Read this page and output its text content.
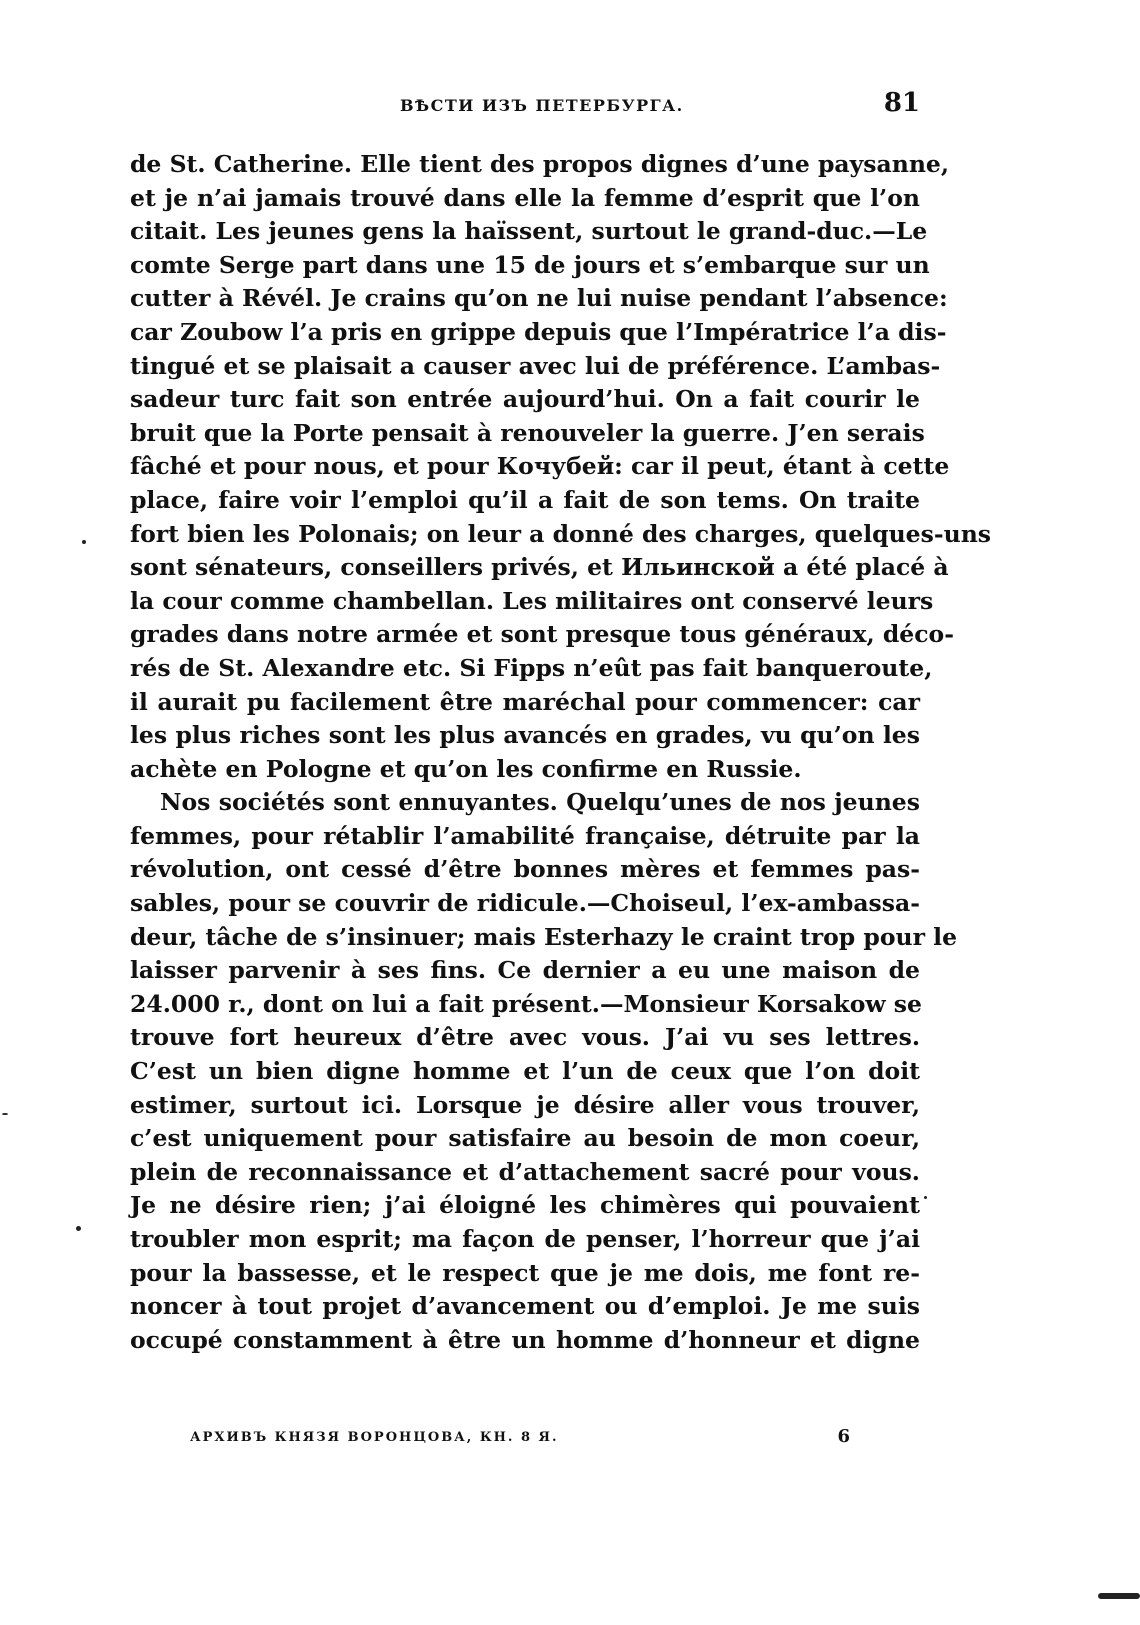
ВѢСТИ ИЗЪ ПЕТЕРБУРГА.	81
de St. Catherine. Elle tient des propos dignes d’une paysanne,
et je n’ai jamais trouvé dans elle la femme d’esprit que l’on
citait. Les jeunes gens la haïssent, surtout le grand-duc.—Le
comte Serge part dans une 15 de jours et s’embarque sur un
cutter à Révél. Je crains qu’on ne lui nuise pendant l’absence:
car Zoubow l’a pris en grippe depuis que l’Impératrice l’a dis-
tingué et se plaisait a causer avec lui de préférence. L’ambas-
sadeur turc fait son entrée aujourd’hui. On a fait courir le
bruit que la Porte pensait à renouveler la guerre. J’en serais
fâché et pour nous, et pour Кочубей: car il peut, étant à cette
place, faire voir l’emploi qu’il a fait de son tems. On traite
fort bien les Polonais; on leur a donné des charges, quelques-uns
sont sénateurs, conseillers privés, et Ильинской a été placé à
la cour comme chambellan. Les militaires ont conservé leurs
grades dans notre armée et sont presque tous généraux, déco-
rés de St. Alexandre etc. Si Fipps n’eût pas fait banqueroute,
il aurait pu facilement être maréchal pour commencer: car
les plus riches sont les plus avancés en grades, vu qu’on les
achète en Pologne et qu’on les confirme en Russie.
Nos sociétés sont ennuyantes. Quelqu’unes de nos jeunes
femmes, pour rétablir l’amabilité française, détruite par la
révolution, ont cessé d’être bonnes mères et femmes pas-
sables, pour se couvrir de ridicule.—Choiseul, l’ex-ambassa-
deur, tâche de s’insinuer; mais Esterhazy le craint trop pour le
laisser parvenir à ses fins. Ce dernier a eu une maison de
24.000 r., dont on lui a fait présent.—Monsieur Korsakow se
trouve fort heureux d’être avec vous. J’ai vu ses lettres.
C’est un bien digne homme et l’un de ceux que l’on doit
estimer, surtout ici. Lorsque je désire aller vous trouver,
c’est uniquement pour satisfaire au besoin de mon coeur,
plein de reconnaissance et d’attachement sacré pour vous.
Je ne désire rien; j’ai éloigné les chimères qui pouvaient
troubler mon esprit; ma façon de penser, l’horreur que j’ai
pour la bassesse, et le respect que je me dois, me font re-
noncer à tout projet d’avancement ou d’emploi. Je me suis
occupé constamment à être un homme d’honneur et digne
АРХИВЪ КНЯЗЯ ВОРОНЦОВА, КН. 8 Я.	6
